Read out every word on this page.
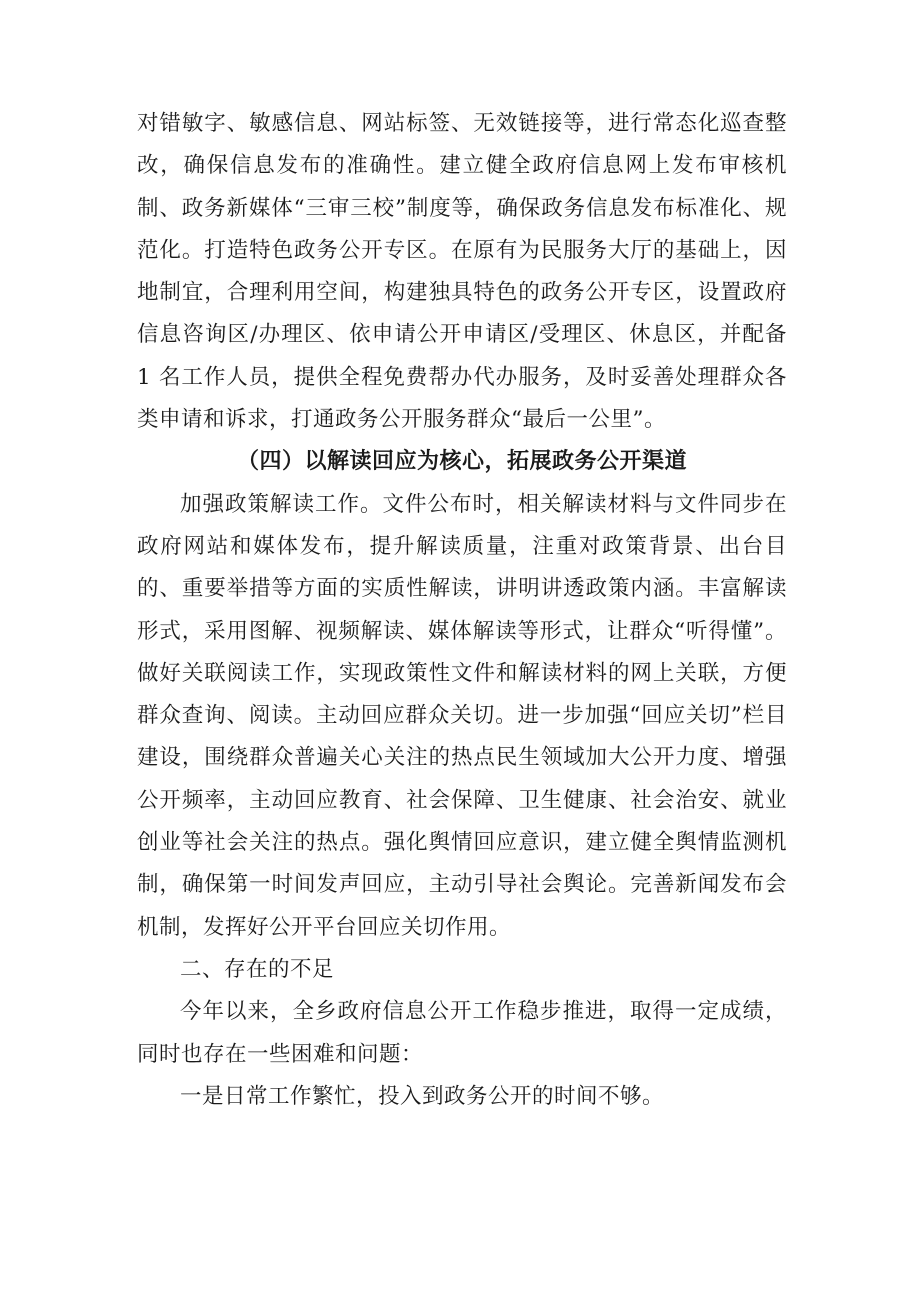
对错敏字、敏感信息、网站标签、无效链接等，进行常态化巡查整改，确保信息发布的准确性。建立健全政府信息网上发布审核机制、政务新媒体“三审三校”制度等，确保政务信息发布标准化、规范化。打造特色政务公开专区。在原有为民服务大厅的基础上，因地制宜，合理利用空间，构建独具特色的政务公开专区，设置政府信息咨询区/办理区、依申请公开申请区/受理区、休息区，并配备 1 名工作人员，提供全程免费帮办代办服务，及时妥善处理群众各类申请和诉求，打通政务公开服务群众“最后一公里”。

（四）以解读回应为核心，拓展政务公开渠道

加强政策解读工作。文件公布时，相关解读材料与文件同步在政府网站和媒体发布，提升解读质量，注重对政策背景、出台目的、重要举措等方面的实质性解读，讲明讲透政策内涵。丰富解读形式，采用图解、视频解读、媒体解读等形式，让群众“听得懂”。做好关联阅读工作，实现政策性文件和解读材料的网上关联，方便群众查询、阅读。主动回应群众关切。进一步加强“回应关切”栏目建设，围绕群众普遍关心关注的热点民生领域加大公开力度、增强公开频率，主动回应教育、社会保障、卫生健康、社会治安、就业创业等社会关注的热点。强化舆情回应意识，建立健全舆情监测机制，确保第一时间发声回应，主动引导社会舆论。完善新闻发布会机制，发挥好公开平台回应关切作用。

二、存在的不足

今年以来，全乡政府信息公开工作稳步推进，取得一定成绩，同时也存在一些困难和问题：

一是日常工作繁忙，投入到政务公开的时间不够。
